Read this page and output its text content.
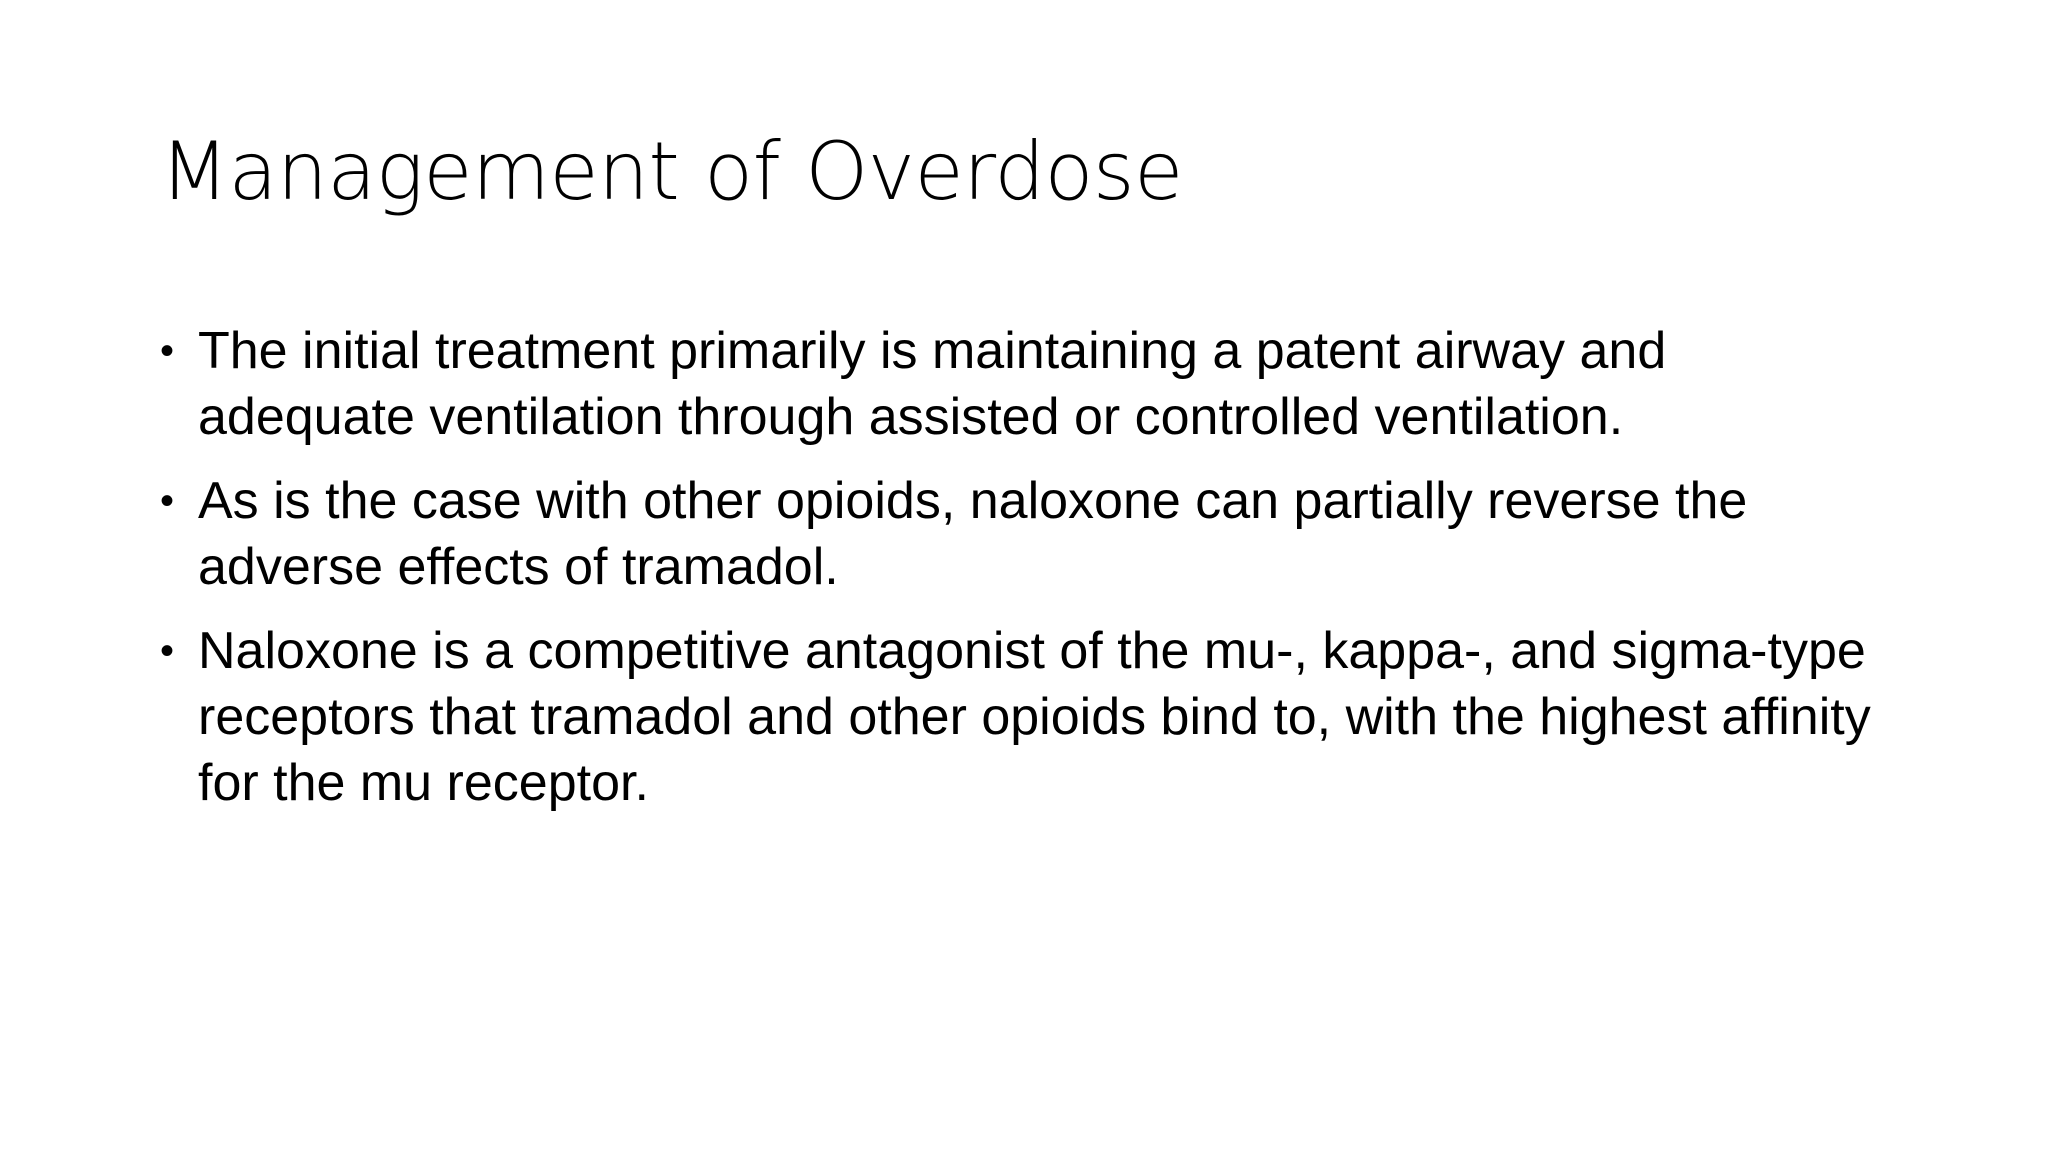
Management of Overdose
• The initial treatment primarily is maintaining a patent airway and adequate ventilation through assisted or controlled ventilation.
• As is the case with other opioids, naloxone can partially reverse the adverse effects of tramadol.
• Naloxone is a competitive antagonist of the mu-, kappa-, and sigma-type receptors that tramadol and other opioids bind to, with the highest affinity for the mu receptor.
